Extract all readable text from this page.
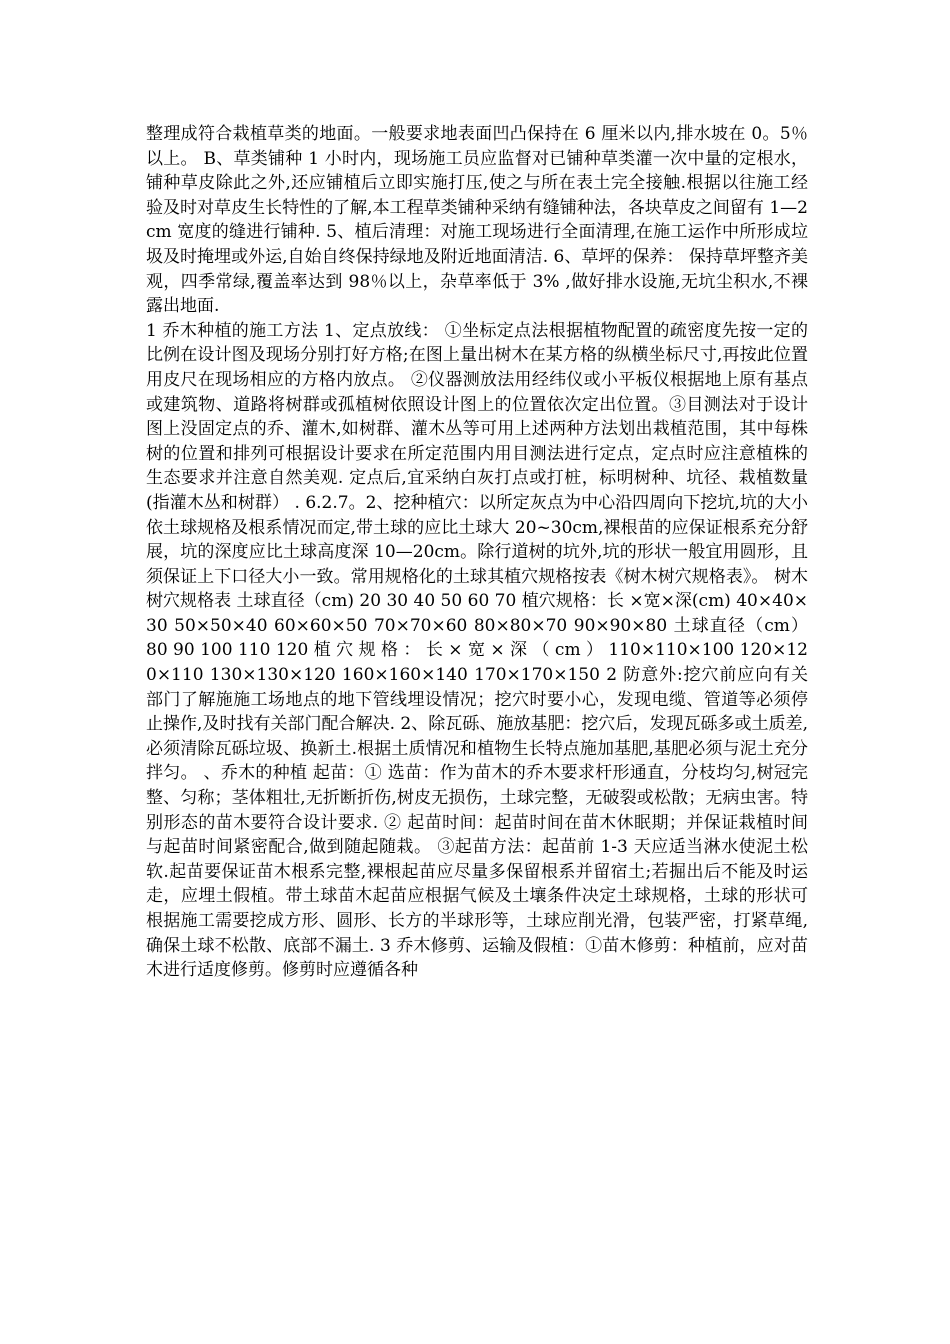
整理成符合栽植草类的地面。一般要求地表面凹凸保持在 6 厘米以内,排水坡在 0。5％以上。 B、草类铺种 1 小时内，现场施工员应监督对已铺种草类灌一次中量的定根水，铺种草皮除此之外,还应铺植后立即实施打压,使之与所在表土完全接触.根据以往施工经验及时对草皮生长特性的了解,本工程草类铺种采纳有缝铺种法，各块草皮之间留有 1—2cm 宽度的缝进行铺种. 5、植后清理：对施工现场进行全面清理,在施工运作中所形成垃圾及时掩埋或外运,自始自终保持绿地及附近地面清洁. 6、草坪的保养： 保持草坪整齐美观，四季常绿,覆盖率达到 98％以上，杂草率低于 3% ,做好排水设施,无坑尘积水,不裸露出地面.

1 乔木种植的施工方法 1、定点放线： ①坐标定点法根据植物配置的疏密度先按一定的比例在设计图及现场分别打好方格;在图上量出树木在某方格的纵横坐标尺寸,再按此位置用皮尺在现场相应的方格内放点。 ②仪器测放法用经纬仪或小平板仪根据地上原有基点或建筑物、道路将树群或孤植树依照设计图上的位置依次定出位置。③目测法对于设计图上没固定点的乔、灌木,如树群、灌木丛等可用上述两种方法划出栽植范围，其中每株树的位置和排列可根据设计要求在所定范围内用目测法进行定点，定点时应注意植株的生态要求并注意自然美观. 定点后,宜采纳白灰打点或打桩，标明树种、坑径、栽植数量(指灌木丛和树群） . 6.2.7。2、挖种植穴：以所定灰点为中心沿四周向下挖坑,坑的大小依土球规格及根系情况而定,带土球的应比土球大 20~30cm,裸根苗的应保证根系充分舒展，坑的深度应比土球高度深 10—20cm。除行道树的坑外,坑的形状一般宜用圆形，且须保证上下口径大小一致。常用规格化的土球其植穴规格按表《树木树穴规格表》。 树木树穴规格表 土球直径（cm) 20 30 40 50 60 70 植穴规格：长 ×宽×深(cm) 40×40×30 50×50×40 60×60×50 70×70×60 80×80×70 90×90×80 土球直径（cm） 80 90 100 110 120 植 穴 规 格 ： 长 × 宽 × 深 （ cm ） 110×110×100 120×120×110 130×130×120 160×160×140 170×170×150 2 防意外:挖穴前应向有关部门了解施施工场地点的地下管线埋设情况；挖穴时要小心，发现电缆、管道等必须停止操作,及时找有关部门配合解决. 2、除瓦砾、施放基肥：挖穴后，发现瓦砾多或土质差,必须清除瓦砾垃圾、换新土.根据土质情况和植物生长特点施加基肥,基肥必须与泥土充分拌匀。 、乔木的种植 起苗：① 选苗：作为苗木的乔木要求杆形通直，分枝均匀,树冠完整、匀称；茎体粗壮,无折断折伤,树皮无损伤，土球完整，无破裂或松散；无病虫害。特别形态的苗木要符合设计要求. ② 起苗时间：起苗时间在苗木休眠期；并保证栽植时间与起苗时间紧密配合,做到随起随栽。 ③起苗方法：起苗前 1-3 天应适当淋水使泥土松软.起苗要保证苗木根系完整,裸根起苗应尽量多保留根系并留宿土;若掘出后不能及时运走，应埋土假植。带土球苗木起苗应根据气候及土壤条件决定土球规格，土球的形状可根据施工需要挖成方形、圆形、长方的半球形等，土球应削光滑，包装严密，打紧草绳,确保土球不松散、底部不漏土. 3 乔木修剪、运输及假植：①苗木修剪：种植前，应对苗木进行适度修剪。修剪时应遵循各种
